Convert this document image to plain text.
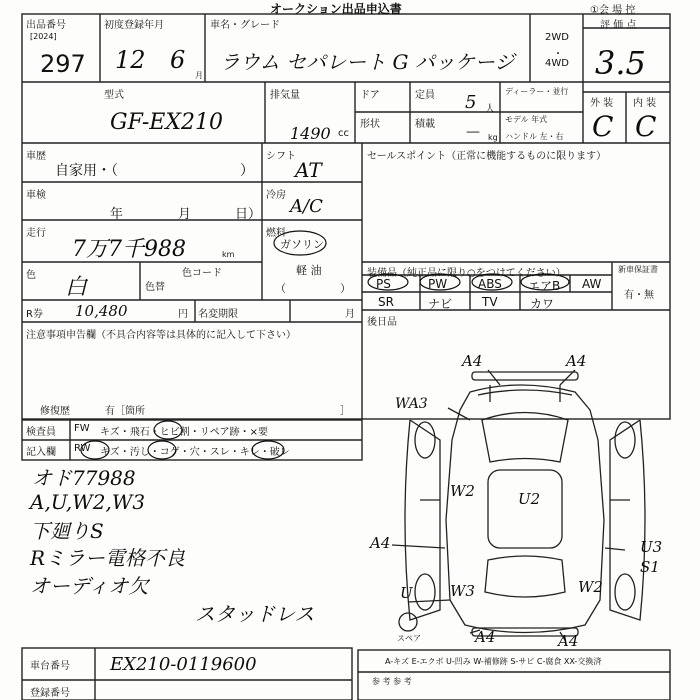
出品番号
[2024]
297
オークション出品申込書	①会 場 控
初度登録年月
12 6
月
車名・グレード
ラウム セパレート G パッケージ
2WD
・
4WD
評 価 点
3.5
外 装 内 装
C C
型式
GF-EX210
排気量
1490 cc
ドア	定員 5 人
ディーラー・並行
形状	積載 — kg
モデル 年式
ハンドル 左・右
車歴
自家用・（	）
車検
年	月	日）
走行
7万7千988	km
シフト
AT
冷房
A/C
燃料
ガソリン
軽 油
（	）
色 白	色替
色コード
R券 10,480	円 名変期限	月
セールスポイント（正常に機能するものに限ります）
装備品（純正品に限り○をつけてください）
PS	PW	ABS エアB AW
SR	ナビ TV	カワ
新車保証書
有・無
後日品
注意事項申告欄（不具合内容等は具体的に記入して下さい）
修復歴	有［箇所	］
検査員
記入欄
FW キズ・飛石・ヒビ割・リペア跡・×要
RW キズ・汚し・コゲ・穴・スレ・キレ・破レ
オド77988
A,U,W2,W3
下廻りS
Rミラー電格不良
オーディオ欠
スタッドレス
A4	A4
WA3
W2	U2
A4	U3
S1
U W3	W2
A4	A4
スペア
A-キズ E-エクボ U-凹み W-補修跡 S-サビ C-腐食 XX-交換済
参 考 参 考
車台番号 EX210-0119600
登録番号
